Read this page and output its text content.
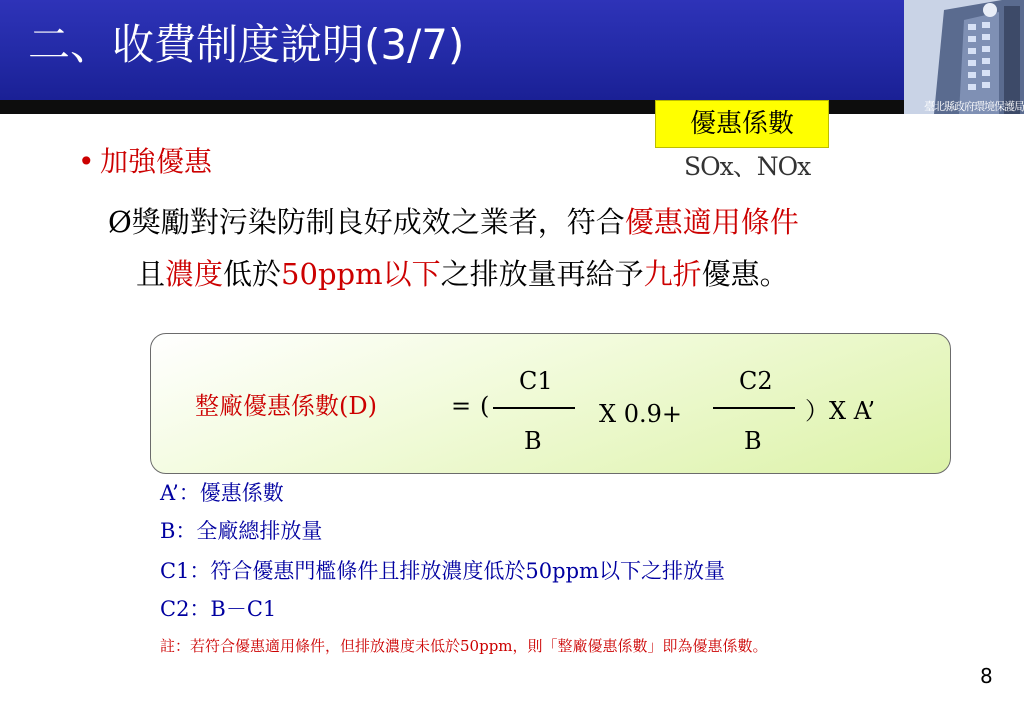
二、收費制度說明(3/7)
臺北縣政府環境保護局
優惠係數
SOx、NOx
• 加強優惠
Ø獎勵對污染防制良好成效之業者，符合優惠適用條件
且濃度低於50ppm以下之排放量再給予九折優惠。
整廠優惠係數(D)	= (
C1
B
X 0.9+
C2
B
）X A’
A’：優惠係數
B：全廠總排放量
C1：符合優惠門檻條件且排放濃度低於50ppm以下之排放量
C2：B－C1
註：若符合優惠適用條件，但排放濃度未低於50ppm，則「整廠優惠係數」即為優惠係數。
8
